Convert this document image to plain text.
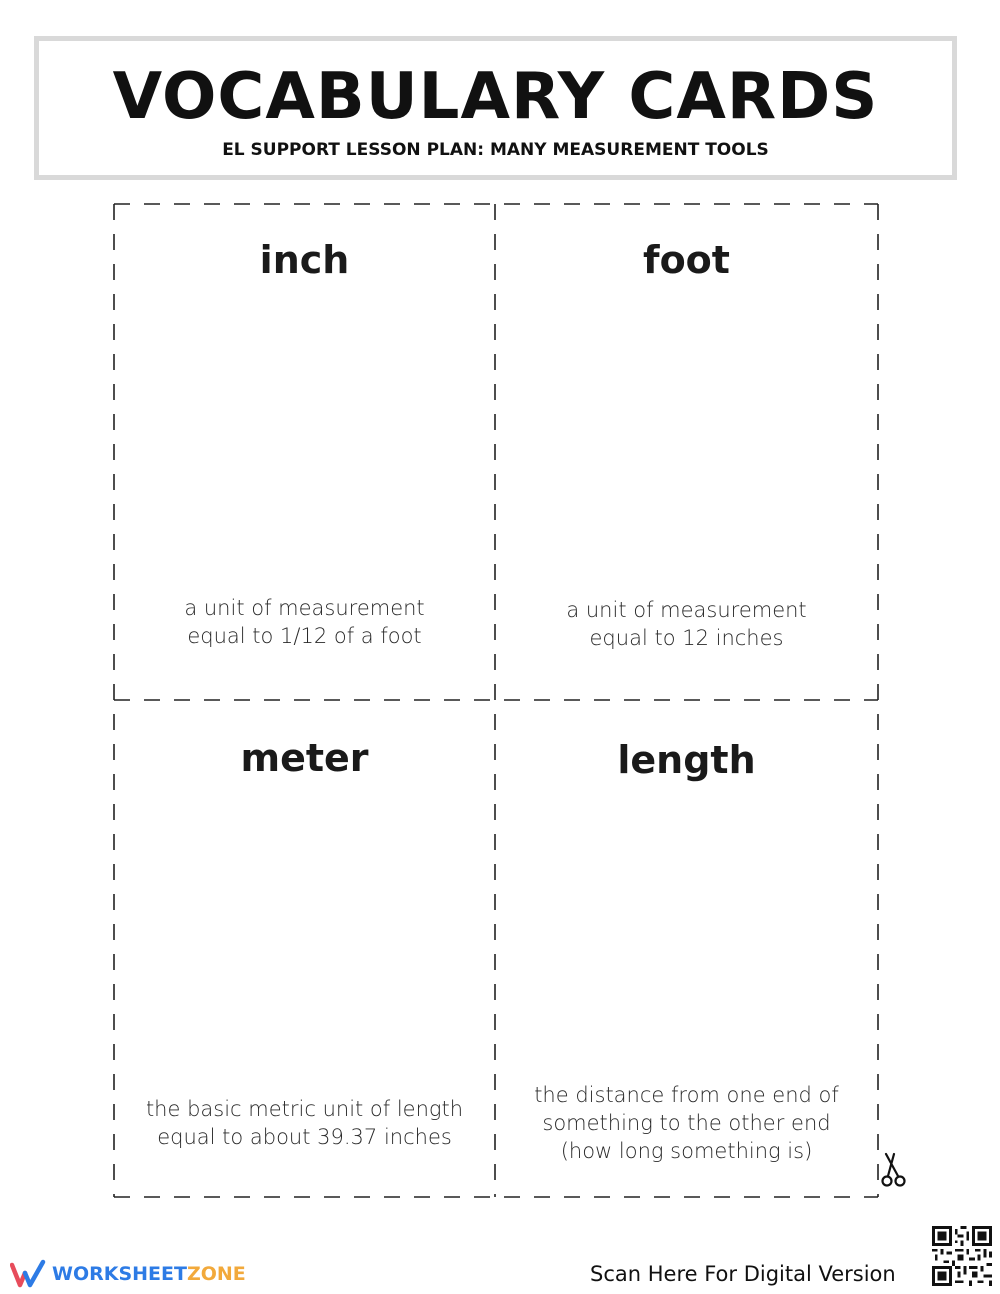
VOCABULARY CARDS
EL SUPPORT LESSON PLAN: MANY MEASUREMENT TOOLS
inch
a unit of measurement
equal to 1/12 of a foot
foot
a unit of measurement
equal to 12 inches
meter
the basic metric unit of length
equal to about 39.37 inches
length
the distance from one end of
something to the other end
(how long something is)
WORKSHEETZONE	Scan Here For Digital Version
